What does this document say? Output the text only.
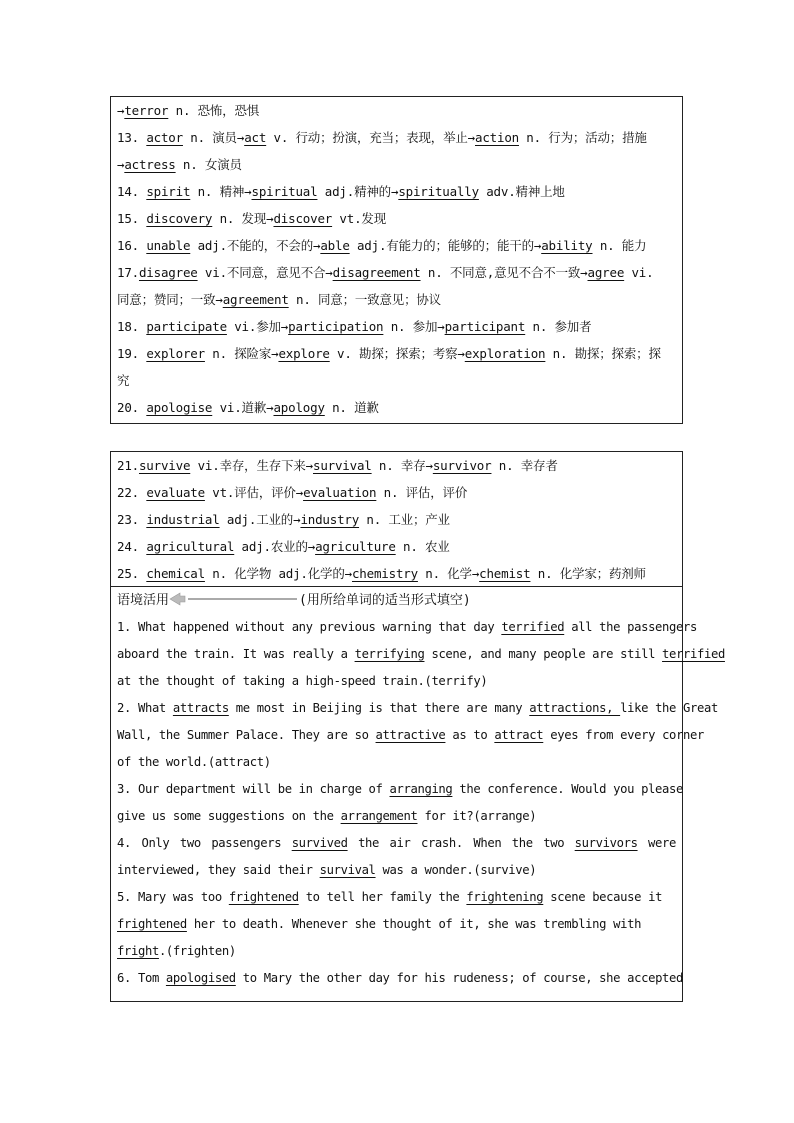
→terror n. 恐怖，恐惧
13. actor n. 演员→act v. 行动；扮演，充当；表现，举止→action n. 行为；活动；措施
→actress n. 女演员
14. spirit n. 精神→spiritual adj.精神的→spiritually adv.精神上地
15. discovery n. 发现→discover vt.发现
16. unable adj.不能的，不会的→able adj.有能力的；能够的；能干的→ability n. 能力
17.disagree vi.不同意，意见不合→disagreement n. 不同意,意见不合不一致→agree vi.
同意；赞同；一致→agreement n. 同意；一致意见；协议
18. participate vi.参加→participation n. 参加→participant n. 参加者
19. explorer n. 探险家→explore v. 勘探；探索；考察→exploration n. 勘探；探索；探
究
20. apologise vi.道歉→apology n. 道歉
21.survive vi.幸存，生存下来→survival n. 幸存→survivor n. 幸存者
22. evaluate vt.评估，评价→evaluation n. 评估，评价
23. industrial adj.工业的→industry n. 工业；产业
24. agricultural adj.农业的→agriculture n. 农业
25. chemical n. 化学物 adj.化学的→chemistry n. 化学→chemist n. 化学家；药剂师
语境活用	(用所给单词的适当形式填空)
1. What happened without any previous warning that day terrified all the passengers
aboard the train. It was really a terrifying scene, and many people are still terrified
at the thought of taking a high-speed train.(terrify)
2. What attracts me most in Beijing is that there are many attractions, like the Great
Wall, the Summer Palace. They are so attractive as to attract eyes from every corner
of the world.(attract)
3. Our department will be in charge of arranging the conference. Would you please
give us some suggestions on the arrangement for it?(arrange)
4. Only two passengers survived the air crash. When the two survivors were
interviewed, they said their survival was a wonder.(survive)
5. Mary was too frightened to tell her family the frightening scene because it
frightened her to death. Whenever she thought of it, she was trembling with
fright.(frighten)
6. Tom apologised to Mary the other day for his rudeness; of course, she accepted
